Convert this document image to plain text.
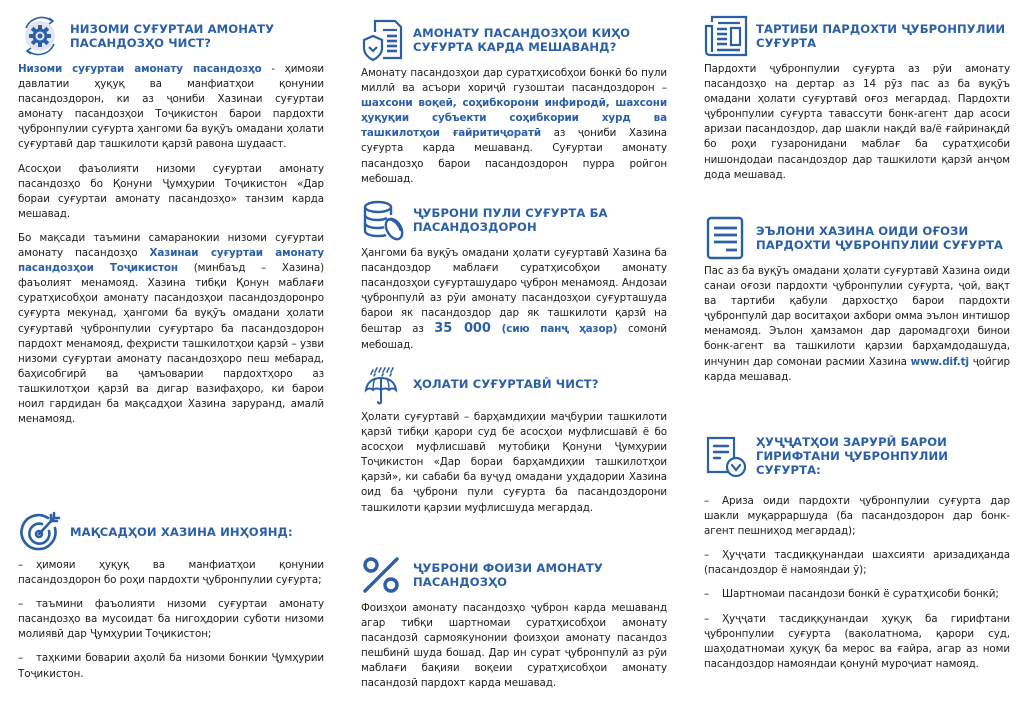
НИЗОМИ СУҒУРТАИ АМОНАТУ ПАСАНДОЗҲО ЧИСТ?

Низоми суғуртаи амонату пасандозҳо - ҳимояи давлатии ҳуқуқ ва манфиатҳои қонунии пасандоздорон, ки аз ҷониби Хазинаи суғуртаи амонату пасандозҳои Тоҷикистон барои пардохти ҷубронпулии суғурта ҳангоми ба вуқӯъ омадани ҳолати суғуртавӣ дар ташкилоти қарзӣ равона шудааст.

Асосҳои фаъолияти низоми суғуртаи амонату пасандозҳо бо Қонуни Ҷумҳурии Тоҷикистон «Дар бораи суғуртаи амонату пасандозҳо» танзим карда мешавад.

Бо мақсади таъмини самаранокии низоми суғуртаи амонату пасандозҳо Хазинаи суғуртаи амонату пасандозҳои Тоҷикистон (минбаъд – Хазина) фаъолият менамояд. Хазина тибқи Қонун маблағи суратҳисобҳои амонату пасандозҳои пасандоздоронро суғурта мекунад, ҳангоми ба вуқӯъ омадани ҳолати суғуртавӣ ҷубронпулии суғуртаро ба пасандоздорон пардохт менамояд, феҳристи ташкилотҳои қарзӣ – узви низоми суғуртаи амонату пасандозҳоро пеш мебарад, баҳисобгирӣ ва ҷамъоварии пардохтҳоро аз ташкилотҳои қарзӣ ва дигар вазифаҳоро, ки барои ноил гардидан ба мақсадҳои Хазина заруранд, амалӣ менамояд.

МАҚСАДҲОИ ХАЗИНА ИНҲОЯНД:
– ҳимояи ҳуқуқ ва манфиатҳои қонунии пасандоздорон бо роҳи пардохти ҷубронпулии суғурта;
– таъмини фаъолияти низоми суғуртаи амонату пасандозҳо ва мусоидат ба нигоҳдории суботи низоми молиявӣ дар Ҷумҳурии Тоҷикистон;
– таҳкими боварии аҳолӣ ба низоми бонкии Ҷумҳурии Тоҷикистон.
АМОНАТУ ПАСАНДОЗҲОИ КИҲО СУҒУРТА КАРДА МЕШАВАНД?

Амонату пасандозҳои дар суратҳисобҳои бонкӣ бо пули миллӣ ва асъори хориҷӣ гузоштаи пасандоздорон – шахсони воқеӣ, соҳибкорони инфиродӣ, шахсони ҳуқуқии субъекти соҳибкории хурд ва ташкилотҳои ғайритиҷоратӣ аз ҷониби Хазина суғурта карда мешаванд. Суғуртаи амонату пасандозҳо барои пасандоздорон пурра ройгон мебошад.

ҶУБРОНИ ПУЛИ СУҒУРТА БА ПАСАНДОЗДОРОН

Ҳангоми ба вуқӯъ омадани ҳолати суғуртавӣ Хазина ба пасандоздор маблағи суратҳисобҳои амонату пасандозҳои суғурташудаpo ҷуброн менамояд. Андозаи ҷубронпулӣ аз рӯи амонату пасандозҳои суғурташуда барои як пасандоздор дар як ташкилоти қарзӣ на бештар аз 35 000 (сию панҷ ҳазор) сомонӣ мебошад.

ҲОЛАТИ СУҒУРТАВӢ ЧИСТ?

Ҳолати суғуртавӣ – барҳамдиҳии маҷбурии ташкилоти қарзӣ тибқи қарори суд бе асосҳои муфлисшавӣ ё бо асосҳои муфлисшавӣ мутобиқи Қонуни Ҷумҳурии Тоҷикистон «Дар бораи барҳамдиҳии ташкилотҳои қарзӣ», ки сабаби ба вуҷуд омадани уҳдадории Хазина оид ба ҷуброни пули суғурта ба пасандоздорони ташкилоти қарзии муфлисшуда мегардад.

ҶУБРОНИ ФОИЗИ АМОНАТУ ПАСАНДОЗҲО

Фоизҳои амонату пасандозҳо ҷуброн карда мешаванд агар тибқи шартномаи суратҳисобҳои амонату пасандозӣ сармоякунонии фоизҳои амонату пасандоз пешбинӣ шуда бошад. Дар ин сурат ҷубронпулӣ аз рӯи маблағи бақияи воқеии суратҳисобҳои амонату пасандозӣ пардохт карда мешавад.

ТАРТИБИ ПАРДОХТИ ҶУБРОНПУЛИИ СУҒУРТА

Пардохти ҷубронпулии суғурта аз рӯи амонату пасандозҳо на дертар аз 14 рӯз пас аз ба вуқӯъ омадани ҳолати суғуртавӣ оғоз мегардад. Пардохти ҷубронпулии суғурта тавассути бонк-агент дар асоси аризаи пасандоздор, дар шакли нақдӣ ва/ё ғайринақдӣ бо роҳи гузаронидани маблағ ба суратҳисоби нишондодаи пасандоздор дар ташкилоти қарзӣ анҷом дода мешавад.

ЭЪЛОНИ ХАЗИНА ОИДИ ОҒОЗИ ПАРДОХТИ ҶУБРОНПУЛИИ СУҒУРТА

Пас аз ба вуқӯъ омадани ҳолати суғуртавӣ Хазина оиди санаи оғози пардохти ҷубронпулии суғурта, ҷой, вақт ва тартиби қабули дархостҳо барои пардохти ҷубронпулӣ дар воситаҳои ахбори омма эълон интишор менамояд. Эълон ҳамзамон дар даромадгоҳи бинои бонк-агент ва ташкилоти қарзии барҳамдодашуда, инчунин дар сомонаи расмии Хазина www.dif.tj ҷойгир карда мешавад.

ҲУҶҶАТҲОИ ЗАРУРӢ БАРОИ ГИРИФТАНИ ҶУБРОНПУЛИИ СУҒУРТА:
– Ариза оиди пардохти ҷубронпулии суғурта дар шакли муқарраршуда (ба пасандоздорон дар бонк-агент пешниҳод мегардад);
– Ҳуҷҷати тасдиққунандаи шахсияти аризадиҳанда (пасандоздор ё намояндаи ӯ);
– Шартномаи пасандози бонкӣ ё суратҳисоби бонкӣ;
– Ҳуҷҷати тасдиққунандаи ҳуқуқ ба гирифтани ҷубронпулии суғурта (ваколатнома, қарори суд, шаҳодатномаи ҳуқуқ ба мерос ва ғайра, агар аз номи пасандоздор намояндаи қонунӣ муроҷиат намояд.
